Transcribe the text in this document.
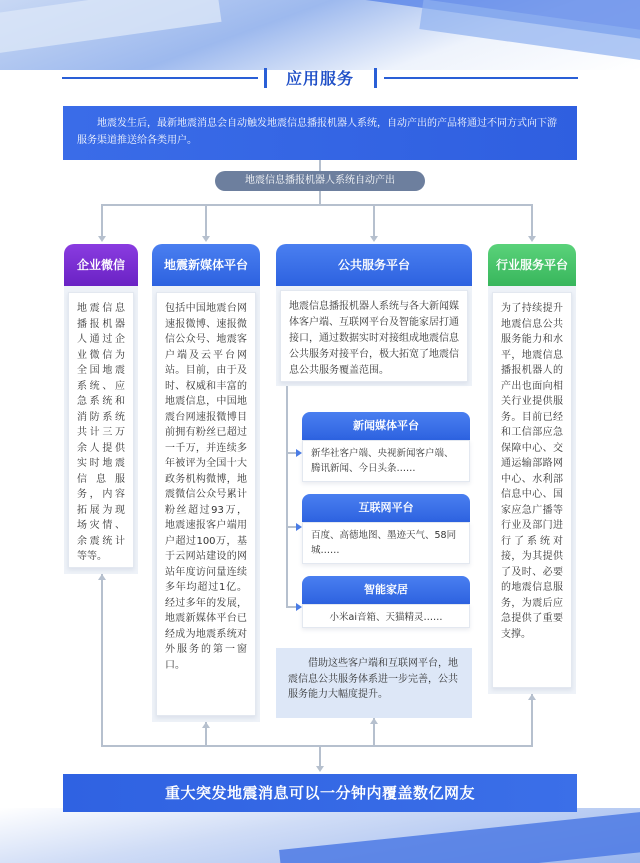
应用服务
地震发生后，最新地震消息会自动触发地震信息播报机器人系统，自动产出的产品将通过不同方式向下游服务渠道推送给各类用户。
地震信息播报机器人系统自动产出
企业微信
地震信息播报机器人通过企业微信为全国地震系统、应急系统和消防系统共计三万余人提供实时地震信息服务，内容拓展为现场灾情、余震统计等等。
地震新媒体平台
包括中国地震台网速报微博、速报微信公众号、地震客户端及云平台网站。目前，由于及时、权威和丰富的地震信息，中国地震台网速报微博目前拥有粉丝已超过一千万，并连续多年被评为全国十大政务机构微博，地震微信公众号累计粉丝超过93万，地震速报客户端用户超过100万，基于云网站建设的网站年度访问量连续多年均超过1亿。经过多年的发展，地震新媒体平台已经成为地震系统对外服务的第一窗口。
公共服务平台
地震信息播报机器人系统与各大新闻媒体客户端、互联网平台及智能家居打通接口，通过数据实时对接组成地震信息公共服务对接平台，极大拓宽了地震信息公共服务覆盖范围。
新闻媒体平台
新华社客户端、央视新闻客户端、腾讯新闻、今日头条……
互联网平台
百度、高德地图、墨迹天气、58同城……
智能家居
小米ai音箱、天猫精灵……
借助这些客户端和互联网平台，地震信息公共服务体系进一步完善，公共服务能力大幅度提升。
行业服务平台
为了持续提升地震信息公共服务能力和水平，地震信息播报机器人的产出也面向相关行业提供服务。目前已经和工信部应急保障中心、交通运输部路网中心、水利部信息中心、国家应急广播等行业及部门进行了系统对接，为其提供了及时、必要的地震信息服务，为震后应急提供了重要支撑。
重大突发地震消息可以一分钟内覆盖数亿网友
